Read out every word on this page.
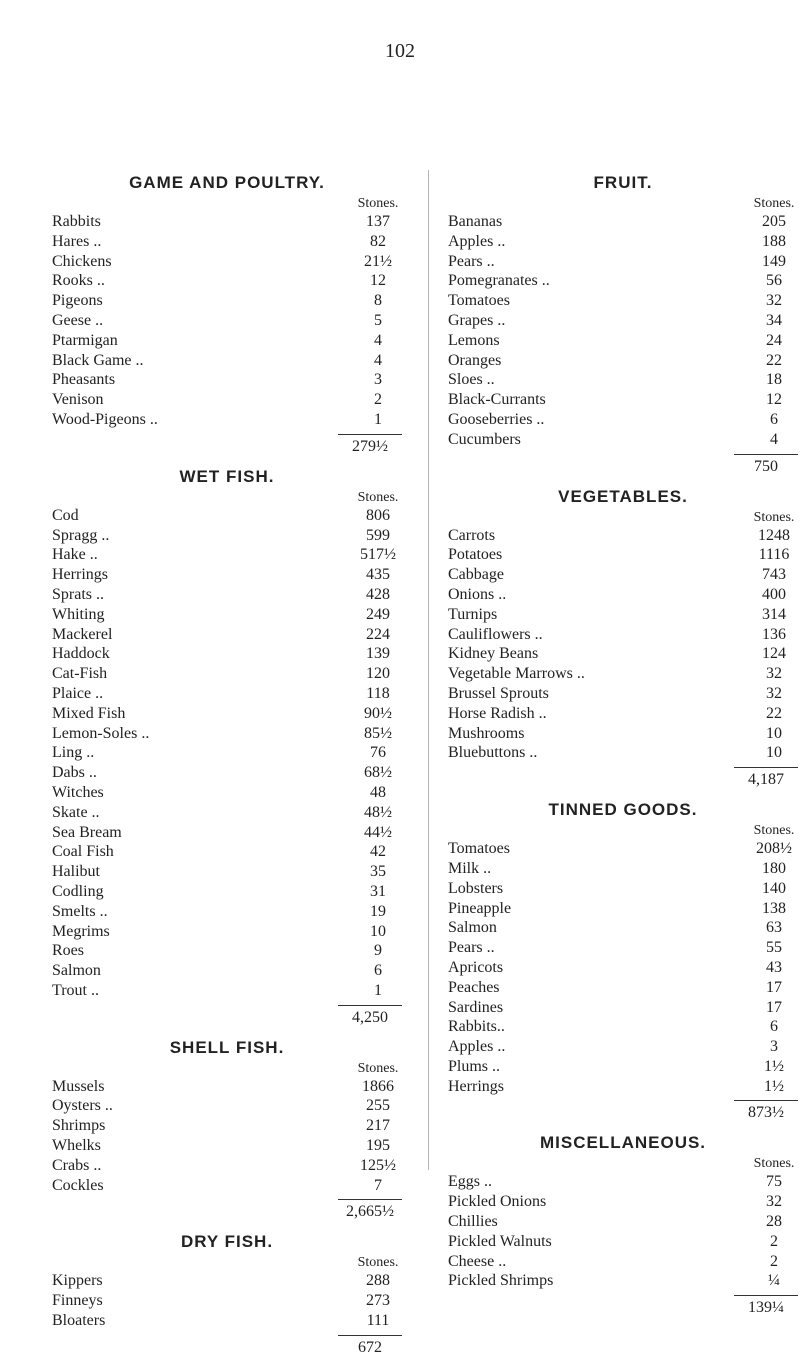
102
GAME AND POULTRY.
Stones.
Rabbits	137
Hares ..	82
Chickens	21½
Rooks ..	12
Pigeons	8
Geese ..	5
Ptarmigan	4
Black Game ..	4
Pheasants	3
Venison	2
Wood-Pigeons ..	1
279½
WET FISH.
Stones.
Cod	806
Spragg ..	599
Hake ..	517½
Herrings	435
Sprats ..	428
Whiting	249
Mackerel	224
Haddock	139
Cat-Fish	120
Plaice ..	118
Mixed Fish	90½
Lemon-Soles ..	85½
Ling ..	76
Dabs ..	68½
Witches	48
Skate ..	48½
Sea Bream	44½
Coal Fish	42
Halibut	35
Codling	31
Smelts ..	19
Megrims	10
Roes	9
Salmon	6
Trout ..	1
4,250
SHELL FISH.
Stones.
Mussels	1866
Oysters ..	255
Shrimps	217
Whelks	195
Crabs ..	125½
Cockles	7
2,665½
DRY FISH.
Stones.
Kippers	288
Finneys	273
Bloaters	111
672
FRUIT.
Stones.
Bananas	205
Apples ..	188
Pears ..	149
Pomegranates ..	56
Tomatoes	32
Grapes ..	34
Lemons	24
Oranges	22
Sloes ..	18
Black-Currants	12
Gooseberries ..	6
Cucumbers	4
750
VEGETABLES.
Stones.
Carrots	1248
Potatoes	1116
Cabbage	743
Onions ..	400
Turnips	314
Cauliflowers ..	136
Kidney Beans	124
Vegetable Marrows ..	32
Brussel Sprouts	32
Horse Radish ..	22
Mushrooms	10
Bluebuttons ..	10
4,187
TINNED GOODS.
Stones.
Tomatoes	208½
Milk ..	180
Lobsters	140
Pineapple	138
Salmon	63
Pears ..	55
Apricots	43
Peaches	17
Sardines	17
Rabbits..	6
Apples ..	3
Plums ..	1½
Herrings	1½
873½
MISCELLANEOUS.
Stones.
Eggs ..	75
Pickled Onions	32
Chillies	28
Pickled Walnuts	2
Cheese ..	2
Pickled Shrimps	¼
139¼
